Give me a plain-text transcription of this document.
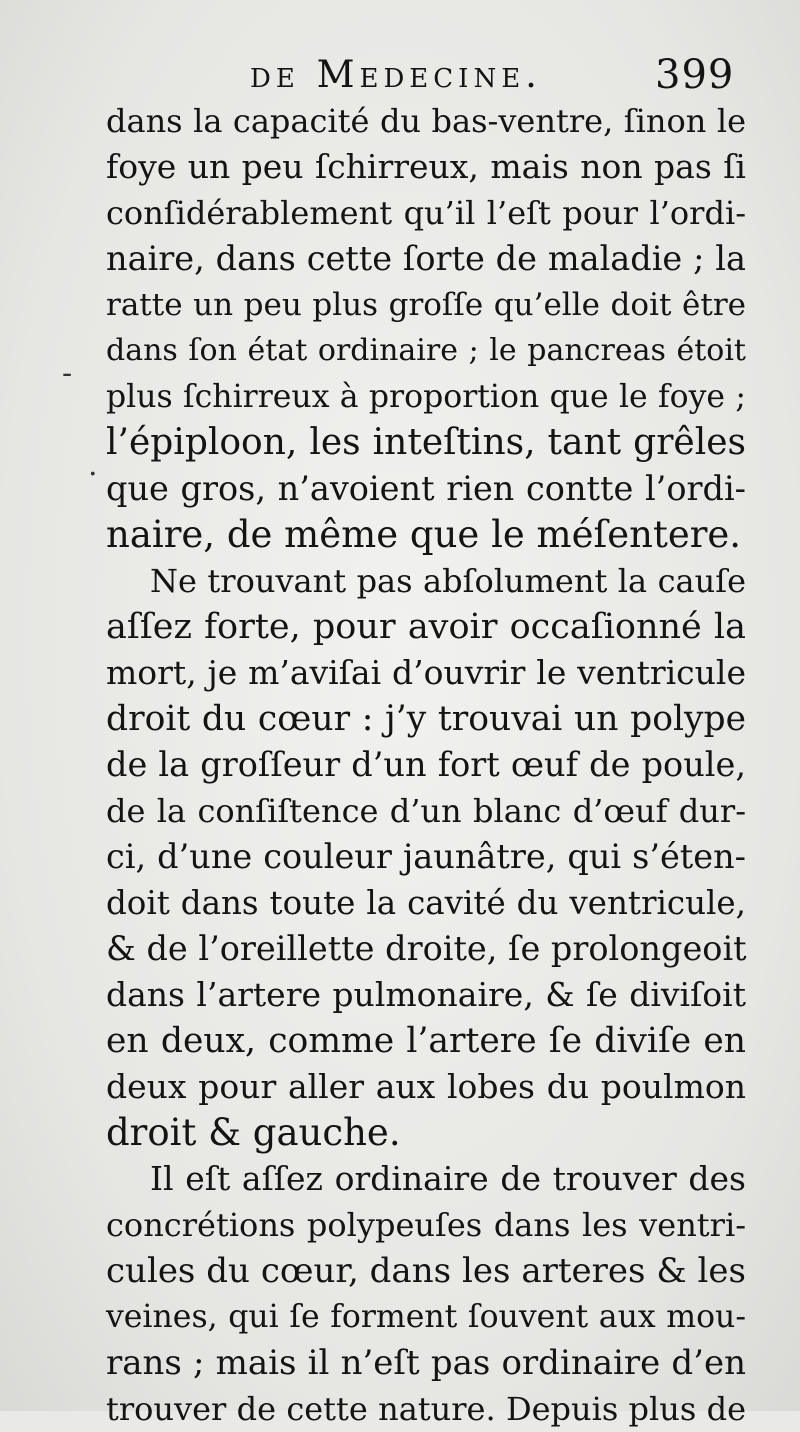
de Medecine.	399
-
.
dans la capacité du bas-ventre, ſinon le
foye un peu ſchirreux, mais non pas ſi
conſidérablement qu’il l’eſt pour l’ordi-
naire, dans cette ſorte de maladie ; la
ratte un peu plus groſſe qu’elle doit être
dans ſon état ordinaire ; le pancreas étoit
plus ſchirreux à proportion que le foye ;
l’épiploon, les inteſtins, tant grêles
que gros, n’avoient rien contte l’ordi-
naire, de même que le méſentere.
Ne trouvant pas abſolument la cauſe
aſſez forte, pour avoir occaſionné la
mort, je m’aviſai d’ouvrir le ventricule
droit du cœur : j’y trouvai un polype
de la groſſeur d’un fort œuf de poule,
de la conſiſtence d’un blanc d’œuf dur-
ci, d’une couleur jaunâtre, qui s’éten-
doit dans toute la cavité du ventricule,
& de l’oreillette droite, ſe prolongeoit
dans l’artere pulmonaire, & ſe diviſoit
en deux, comme l’artere ſe diviſe en
deux pour aller aux lobes du poulmon
droit & gauche.
Il eſt aſſez ordinaire de trouver des
concrétions polypeuſes dans les ventri-
cules du cœur, dans les arteres & les
veines, qui ſe forment ſouvent aux mou-
rans ; mais il n’eſt pas ordinaire d’en
trouver de cette nature. Depuis plus de
